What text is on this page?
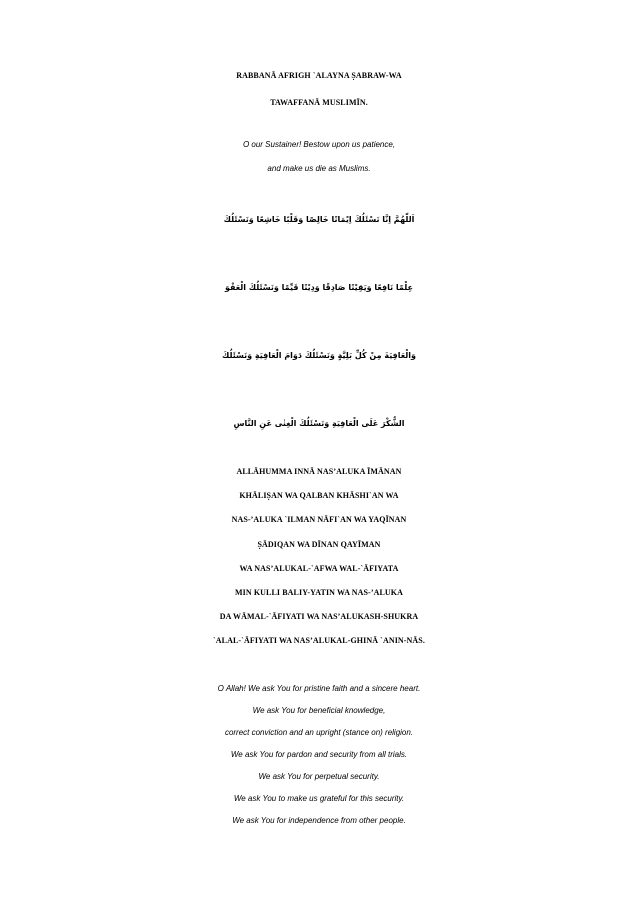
RABBANĀ AFRIGH `ALAYNA ṢABRAW-WA
TAWAFFANĀ MUSLIMĪN.
O our Sustainer! Bestow upon us patience,
and make us die as Muslims.
اَللّٰهُمَّ اِنَّا نَسْئَلُكَ اِيْمَانًا خَالِصًا وَقَلْبًا خَاشِعًا وَنَسْئَلُكَ
عِلْمًا نَافِعًا وَيَقِيْنًا صَادِقًا وَدِيْنًا قَيِّمًا وَنَسْئَلُكَ الْعَفْوَ
وَالْعَافِيَةَ مِنْ كُلِّ بَلِيَّةٍ وَنَسْئَلُكَ دَوَامَ الْعَافِيَةِ وَنَسْئَلُكَ
الشُّكْرَ عَلَى الْعَافِيَةِ وَنَسْئَلُكَ الْغِنٰى عَنِ النَّاسِ
ALLĀHUMMA INNĀ NAS’ALUKA ĪMĀNAN
KHĀLIṢAN WA QALBAN KHĀSHI`AN WA
NAS-’ALUKA `ILMAN NĀFI`AN WA YAQĪNAN
ṢĀDIQAN WA DĪNAN QAYĪMAN
WA NAS’ALUKAL-`AFWA WAL-`ĀFIYATA
MIN KULLI BALIY-YATIN WA NAS-’ALUKA
DA WĀMAL-`ĀFIYATI WA NAS’ALUKASH-SHUKRA
`ALAL-`ĀFIYATI WA NAS’ALUKAL-GHINĀ `ANIN-NĀS.
O Allah! We ask You for pristine faith and a sincere heart.
We ask You for beneficial knowledge,
correct conviction and an upright (stance on) religion.
We ask You for pardon and security from all trials.
We ask You for perpetual security.
We ask You to make us grateful for this security.
We ask You for independence from other people.
